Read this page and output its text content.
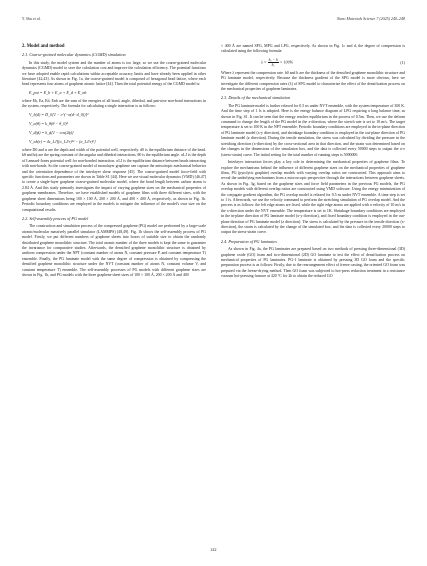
Y. Shu et al.	Nano Materials Science 7 (2025) 240–248
2. Model and method
2.1. Coarse-grained molecular dynamics (CGMD) simulation

In this study, the model system and the number of atoms is too large, so we use the coarse-grained molecular dynamics (CGMD) model to save the calculation cost and improve the calculation efficiency. The potential functions we have adopted enable rapid calculations within acceptable accuracy limits and have already been applied in other literature [42,43]. As shown in Fig. 1a, the coarse-grained model is composed of hexagonal bead lattice, where each bead represents four atoms of graphene atomic lattice [44]. Then the total potential energy of the CGMD model is:

E_pot = E_b + E_a + E_d + E_nb

where Eb, Ea, Ed, Enb are the sum of the energies of all bond, angle, dihedral, and pairwise non-bond interactions in the system, respectively. The formula for calculating a single interaction is as follows:

V_b(d) = D_0[1 − e^(−α(d−d_0))]²
V_a(θ) = k_θ(θ − θ_0)²
V_d(ϕ) = k_ϕ[1 − cos(2ϕ)]
V_nb(r) = 4ε_LJ[(σ_LJ/r)¹² − (σ_LJ/r)⁶]

where D0 and α are the depth and width of the potential well, respectively. d0 is the equilibrium distance of the bead. kθ and kϕ are the spring constant of the angular and dihedral interactions, θ0 is the equilibrium angle. σLJ is the depth of Lennard-Jones potential well for non-bonded interaction. σLJ is the equilibrium distance between beads interacting with non-bonds. So the coarse-grained model of monolayer graphene can capture the anisotropic mechanical behavior and the orientation dependence of the interlayer shear response [45]. The coarse-grained model force-field with specific functions and parameters are shown in Table S1 [44]. Here we use visual molecular dynamics (VMD) [46,47] to create a single-layer graphene coarse-grained molecular model, where the bond length between carbon atoms is 2.84 Å. And this study primarily investigates the impact of varying graphene sizes on the mechanical properties of graphene membranes. Therefore, we have established models of graphene films with three different sizes, with the graphene sheet dimensions being 100 × 100 Å, 200 × 200 Å, and 400 × 400 Å, respectively, as shown in Fig. 1b. Periodic boundary conditions are employed in the models to mitigate the influence of the model's own size on the computational results.

2.2. Self-assembly process of PG model

The construction and simulation process of the compressed graphene (PG) model are performed by a large-scale atomic/molecular massively parallel simulator (LAMMPS) [48,49]. Fig. 1b shows the self-assembly process of PG model. Firstly, we put different numbers of graphene sheets into boxes of suitable size to obtain the randomly distributed graphene monolithic structure. The total atomic number of the three models is kept the same to guarantee the invariance for comparative studies. Afterwards, the densified graphene monolithic structure is obtained by uniform compression under the NPT (constant number of atoms N, constant pressure P, and constant temperature T) ensemble. Finally, the PG laminate model with the same degree of compression is obtained by compressing the densified graphene monolithic structure under the NVT (constant number of atoms N, constant volume V, and constant temperature T) ensemble. The self-assembly processes of PG models with different graphene sizes are shown in Fig. 1b, and PG models with the three graphene sheet sizes of 100 × 100 Å, 200 × 200 Å and 400

× 400 Å are named SPG, MPG and LPG, respectively. As shown in Fig. 1c and d, the degree of compression is calculated using the following formula:

$\lambda = \frac{\text{h₀ − h}}{\text{h₀}} \times 100\%$	(1)

Where λ represent the compression rate. h0 and h are the thickness of the densified graphene monolithic structure and PG laminate model, respectively. Because the thickness gradient of the SPG model is more obvious, here we investigate the different compression rates (λ) of SPG model to characterize the effect of the densification process on the mechanical properties of graphene laminates.

2.3. Details of the mechanical simulation

The PG laminate model is further relaxed for 0.5 ns under NVT ensemble, with the system temperature of 300 K. And the time step of 1 fs is adopted. Here is the energy balance diagram of LPG requiring a long balance time, as shown in Fig. S1. It can be seen that the energy reaches equilibrium in the process of 0.5ns. Then, we use the deform command to change the length of the PG model in the x-direction, where the stretch rate is set to 10 m/s. The target temperature is set to 100 K in the NPT ensemble. Periodic boundary conditions are employed in the in-plane direction of PG laminate model (x-y direction), and shrinkage boundary condition is employed in the out-plane direction of PG laminate model (z direction). During the tensile simulation, the stress was calculated by dividing the pressure in the stretching direction (x-direction) by the cross-sectional area in that direction, and the strain was determined based on the changes in the dimensions of the simulation box, and the data is collected every 50000 steps to output the σ-ε (stress-strain) curve. The initial setting for the total number of running steps is 5000000.

Interlayer interaction forces play a key role in determining the mechanical properties of graphene films. To explore the mechanisms behind the influence of different graphene sizes on the mechanical properties of graphene films, PG (pyrolytic graphite) overlap models with varying overlap ratios are constructed. This approach aims to reveal the underlying mechanisms from a microscopic perspective through the interactions between graphene sheets. As shown in Fig. 3g, based on the graphene sizes and force field parameters in the previous PG models, the PG overlap models with different overlap ratios are constructed using VMD software. Using the energy minimization of the conjugate gradient algorithm, the PG overlap model is relaxed for 0.5 ns under NVT ensemble. A time step is set to 1 fs. Afterwards, we use the velocity command to perform the stretching simulation of PG overlap model. And the process is as follows: the left edge atoms are fixed, while the right edge atoms are applied with a velocity of 10 m/s in the x-direction under the NVT ensemble. The temperature is set to 1K. Shrinkage boundary conditions are employed in the in-plane direction of PG laminate model (x-y direction), and fixed boundary condition is employed in the out-plane direction of PG laminate model (z direction). The stress is calculated by the pressure in the tensile direction (x-direction), the strain is calculated by the change of the simulated box, and the data is collected every 20000 steps to output the stress-strain curve.

2.4. Preparation of PG laminates

As shown in Fig. 4a, the PG laminates are prepared based on two methods of pressing three-dimensional (3D) graphene oxide (GO) foam and two-dimensional (2D) GO laminate to test the effect of densification process on mechanical properties of PG laminates. PG-1 laminate is obtained by pressing 3D GO foam and the specific preparation process is as follows: Firstly, due to the rearrangement effect of freeze casting, the oriented GO foam was prepared via the freeze-drying method. Then GO foam was subjected to hot-press reduction treatment in a resistance vacuum hot-pressing furnace at 420 °C for 2h to obtain the reduced GO

242
